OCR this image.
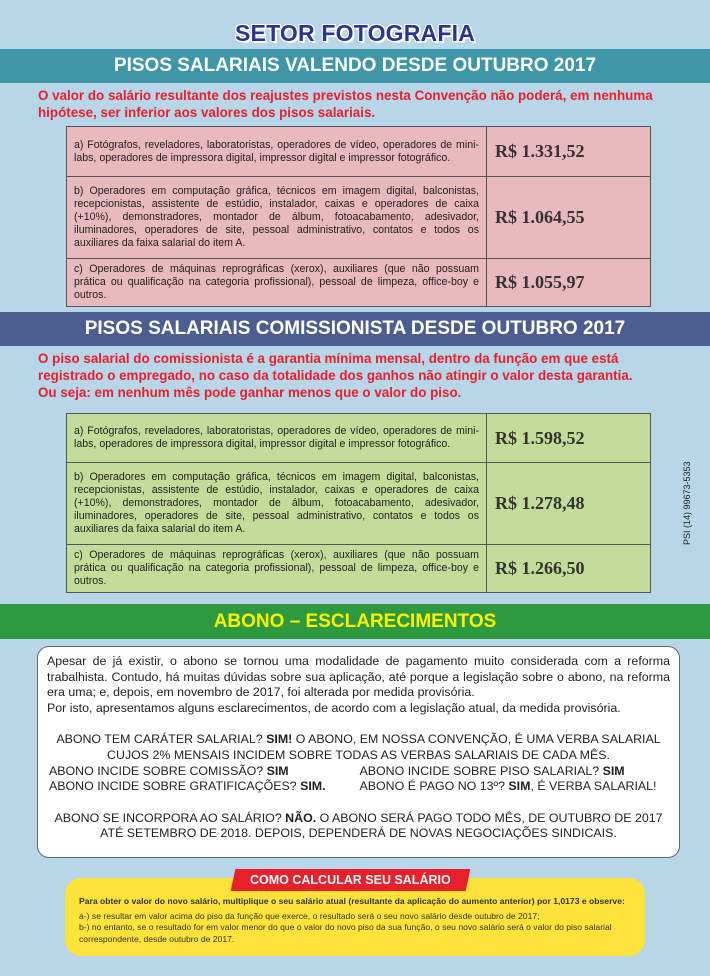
SETOR FOTOGRAFIA
PISOS SALARIAIS VALENDO DESDE OUTUBRO 2017
O valor do salário resultante dos reajustes previstos nesta Convenção não poderá, em nenhuma hipótese, ser inferior aos valores dos pisos salariais.
a) Fotógrafos, reveladores, laboratoristas, operadores de vídeo, operadores de mini-labs, operadores de impressora digital, impressor digital e impressor fotográfico.	R$ 1.331,52
b) Operadores em computação gráfica, técnicos em imagem digital, balconistas, recepcionistas, assistente de estúdio, instalador, caixas e operadores de caixa (+10%), demonstradores, montador de álbum, fotoacabamento, adesivador, iluminadores, operadores de site, pessoal administrativo, contatos e todos os auxiliares da faixa salarial do item A.	R$ 1.064,55
c) Operadores de máquinas reprográficas (xerox), auxiliares (que não possuam prática ou qualificação na categoria profissional), pessoal de limpeza, office-boy e outros.	R$ 1.055,97
PISOS SALARIAIS COMISSIONISTA DESDE OUTUBRO 2017
O piso salarial do comissionista é a garantia mínima mensal, dentro da função em que está registrado o empregado, no caso da totalidade dos ganhos não atingir o valor desta garantia.
Ou seja: em nenhum mês pode ganhar menos que o valor do piso.
a) Fotógrafos, reveladores, laboratoristas, operadores de vídeo, operadores de mini-labs, operadores de impressora digital, impressor digital e impressor fotográfico.	R$ 1.598,52
b) Operadores em computação gráfica, técnicos em imagem digital, balconistas, recepcionistas, assistente de estúdio, instalador, caixas e operadores de caixa (+10%), demonstradores, montador de álbum, fotoacabamento, adesivador, iluminadores, operadores de site, pessoal administrativo, contatos e todos os auxiliares da faixa salarial do item A.	R$ 1.278,48
c) Operadores de máquinas reprográficas (xerox), auxiliares (que não possuam prática ou qualificação na categoria profissional), pessoal de limpeza, office-boy e outros.	R$ 1.266,50
PSI (14) 99673-5353
ABONO – ESCLARECIMENTOS
Apesar de já existir, o abono se tornou uma modalidade de pagamento muito considerada com a reforma trabalhista. Contudo, há muitas dúvidas sobre sua aplicação, até porque a legislação sobre o abono, na reforma era uma; e, depois, em novembro de 2017, foi alterada por medida provisória.
Por isto, apresentamos alguns esclarecimentos, de acordo com a legislação atual, da medida provisória.
ABONO TEM CARÁTER SALARIAL? SIM! O ABONO, EM NOSSA CONVENÇÃO, É UMA VERBA SALARIAL CUJOS 2% MENSAIS INCIDEM SOBRE TODAS AS VERBAS SALARIAIS DE CADA MÊS.
ABONO INCIDE SOBRE COMISSÃO? SIM	ABONO INCIDE SOBRE PISO SALARIAL? SIM
ABONO INCIDE SOBRE GRATIFICAÇÕES? SIM.	ABONO É PAGO NO 13º? SIM, É VERBA SALARIAL!
ABONO SE INCORPORA AO SALÁRIO? NÃO. O ABONO SERÁ PAGO TODO MÊS, DE OUTUBRO DE 2017 ATÉ SETEMBRO DE 2018. DEPOIS, DEPENDERÁ DE NOVAS NEGOCIAÇÕES SINDICAIS.
Para obter o valor do novo salário, multiplique o seu salário atual (resultante da aplicação do aumento anterior) por 1,0173 e observe:
a-) se resultar em valor acima do piso da função que exerce, o resultado será o seu novo salário desde outubro de 2017;
b-) no entanto, se o resultado for em valor menor do que o valor do novo piso da sua função, o seu novo salário será o valor do piso salarial correspondente, desde outubro de 2017.
COMO CALCULAR SEU SALÁRIO
